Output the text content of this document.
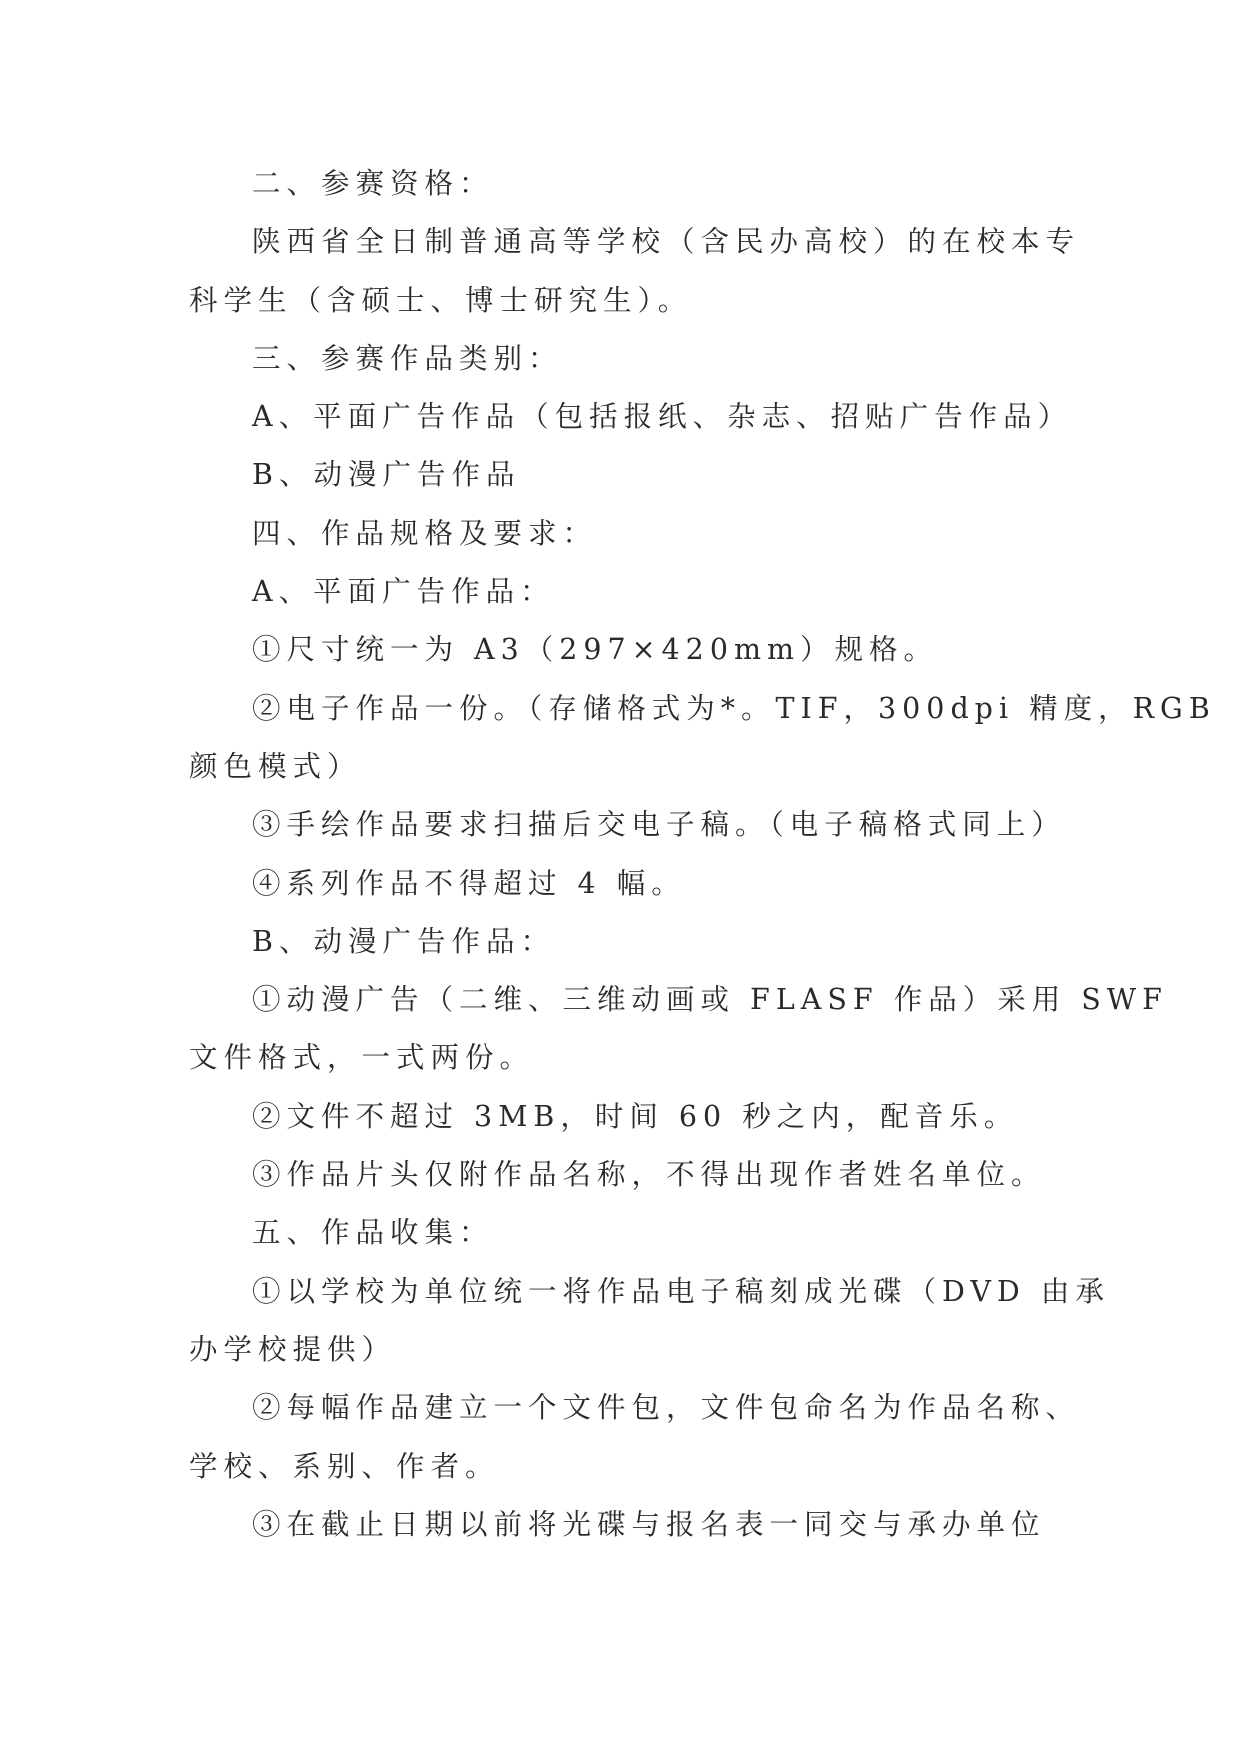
二、参赛资格：
陕西省全日制普通高等学校（含民办高校）的在校本专
科学生（含硕士、博士研究生）。
三、参赛作品类别：
A、平面广告作品（包括报纸、杂志、招贴广告作品）
B、动漫广告作品
四、作品规格及要求：
A、平面广告作品：
①尺寸统一为 A3（297×420mm）规格。
②电子作品一份。（存储格式为*。TIF，300dpi 精度，RGB
颜色模式）
③手绘作品要求扫描后交电子稿。（电子稿格式同上）
④系列作品不得超过 4 幅。
B、动漫广告作品：
①动漫广告（二维、三维动画或 FLASF 作品）采用 SWF
文件格式，一式两份。
②文件不超过 3MB，时间 60 秒之内，配音乐。
③作品片头仅附作品名称，不得出现作者姓名单位。
五、作品收集：
①以学校为单位统一将作品电子稿刻成光碟（DVD 由承
办学校提供）
②每幅作品建立一个文件包，文件包命名为作品名称、
学校、系别、作者。
③在截止日期以前将光碟与报名表一同交与承办单位
